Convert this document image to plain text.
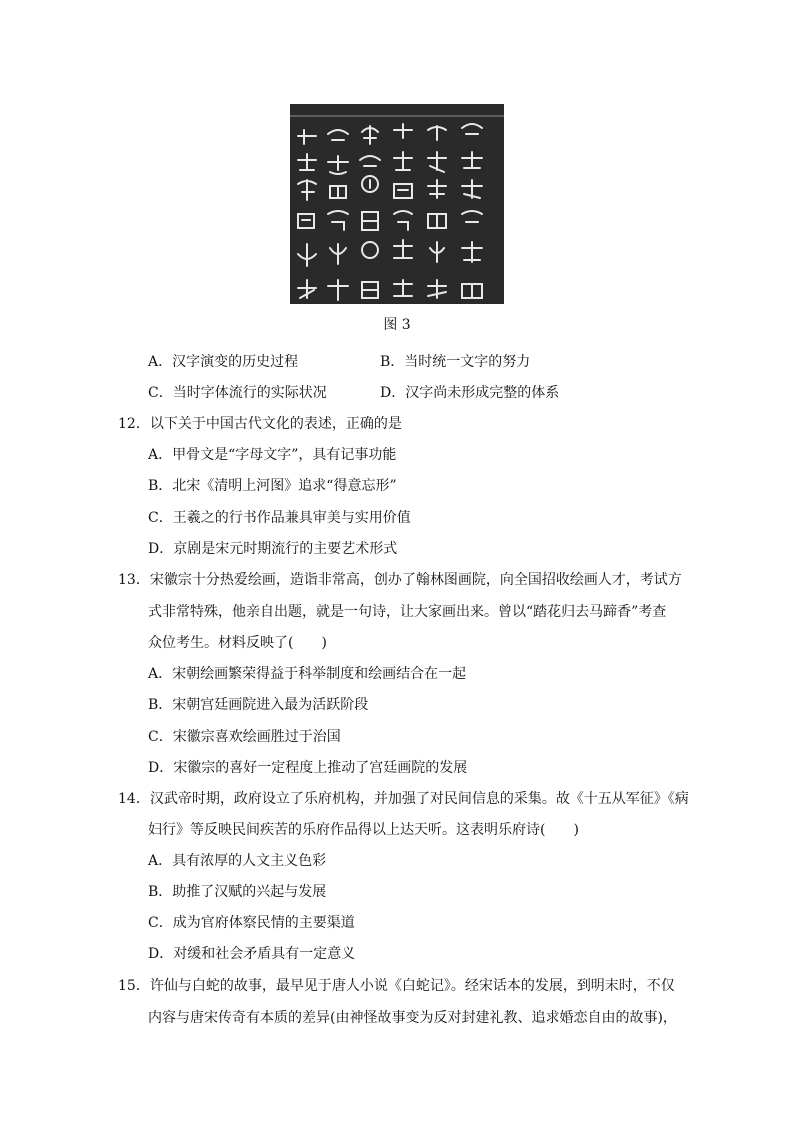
图 3
A．汉字演变的历史过程	B．当时统一文字的努力
C．当时字体流行的实际状况	D．汉字尚未形成完整的体系
12．以下关于中国古代文化的表述，正确的是
A．甲骨文是“字母文字”，具有记事功能
B．北宋《清明上河图》追求“得意忘形”
C．王羲之的行书作品兼具审美与实用价值
D．京剧是宋元时期流行的主要艺术形式
13．宋徽宗十分热爱绘画，造诣非常高，创办了翰林图画院，向全国招收绘画人才，考试方
式非常特殊，他亲自出题，就是一句诗，让大家画出来。曾以“踏花归去马蹄香”考查
众位考生。材料反映了(　　)
A．宋朝绘画繁荣得益于科举制度和绘画结合在一起
B．宋朝宫廷画院进入最为活跃阶段
C．宋徽宗喜欢绘画胜过于治国
D．宋徽宗的喜好一定程度上推动了宫廷画院的发展
14．汉武帝时期，政府设立了乐府机构，并加强了对民间信息的采集。故《十五从军征》《病
妇行》等反映民间疾苦的乐府作品得以上达天听。这表明乐府诗(　　)
A．具有浓厚的人文主义色彩
B．助推了汉赋的兴起与发展
C．成为官府体察民情的主要渠道
D．对缓和社会矛盾具有一定意义
15．许仙与白蛇的故事，最早见于唐人小说《白蛇记》。经宋话本的发展，到明末时，不仅
内容与唐宋传奇有本质的差异(由神怪故事变为反对封建礼教、追求婚恋自由的故事)，
